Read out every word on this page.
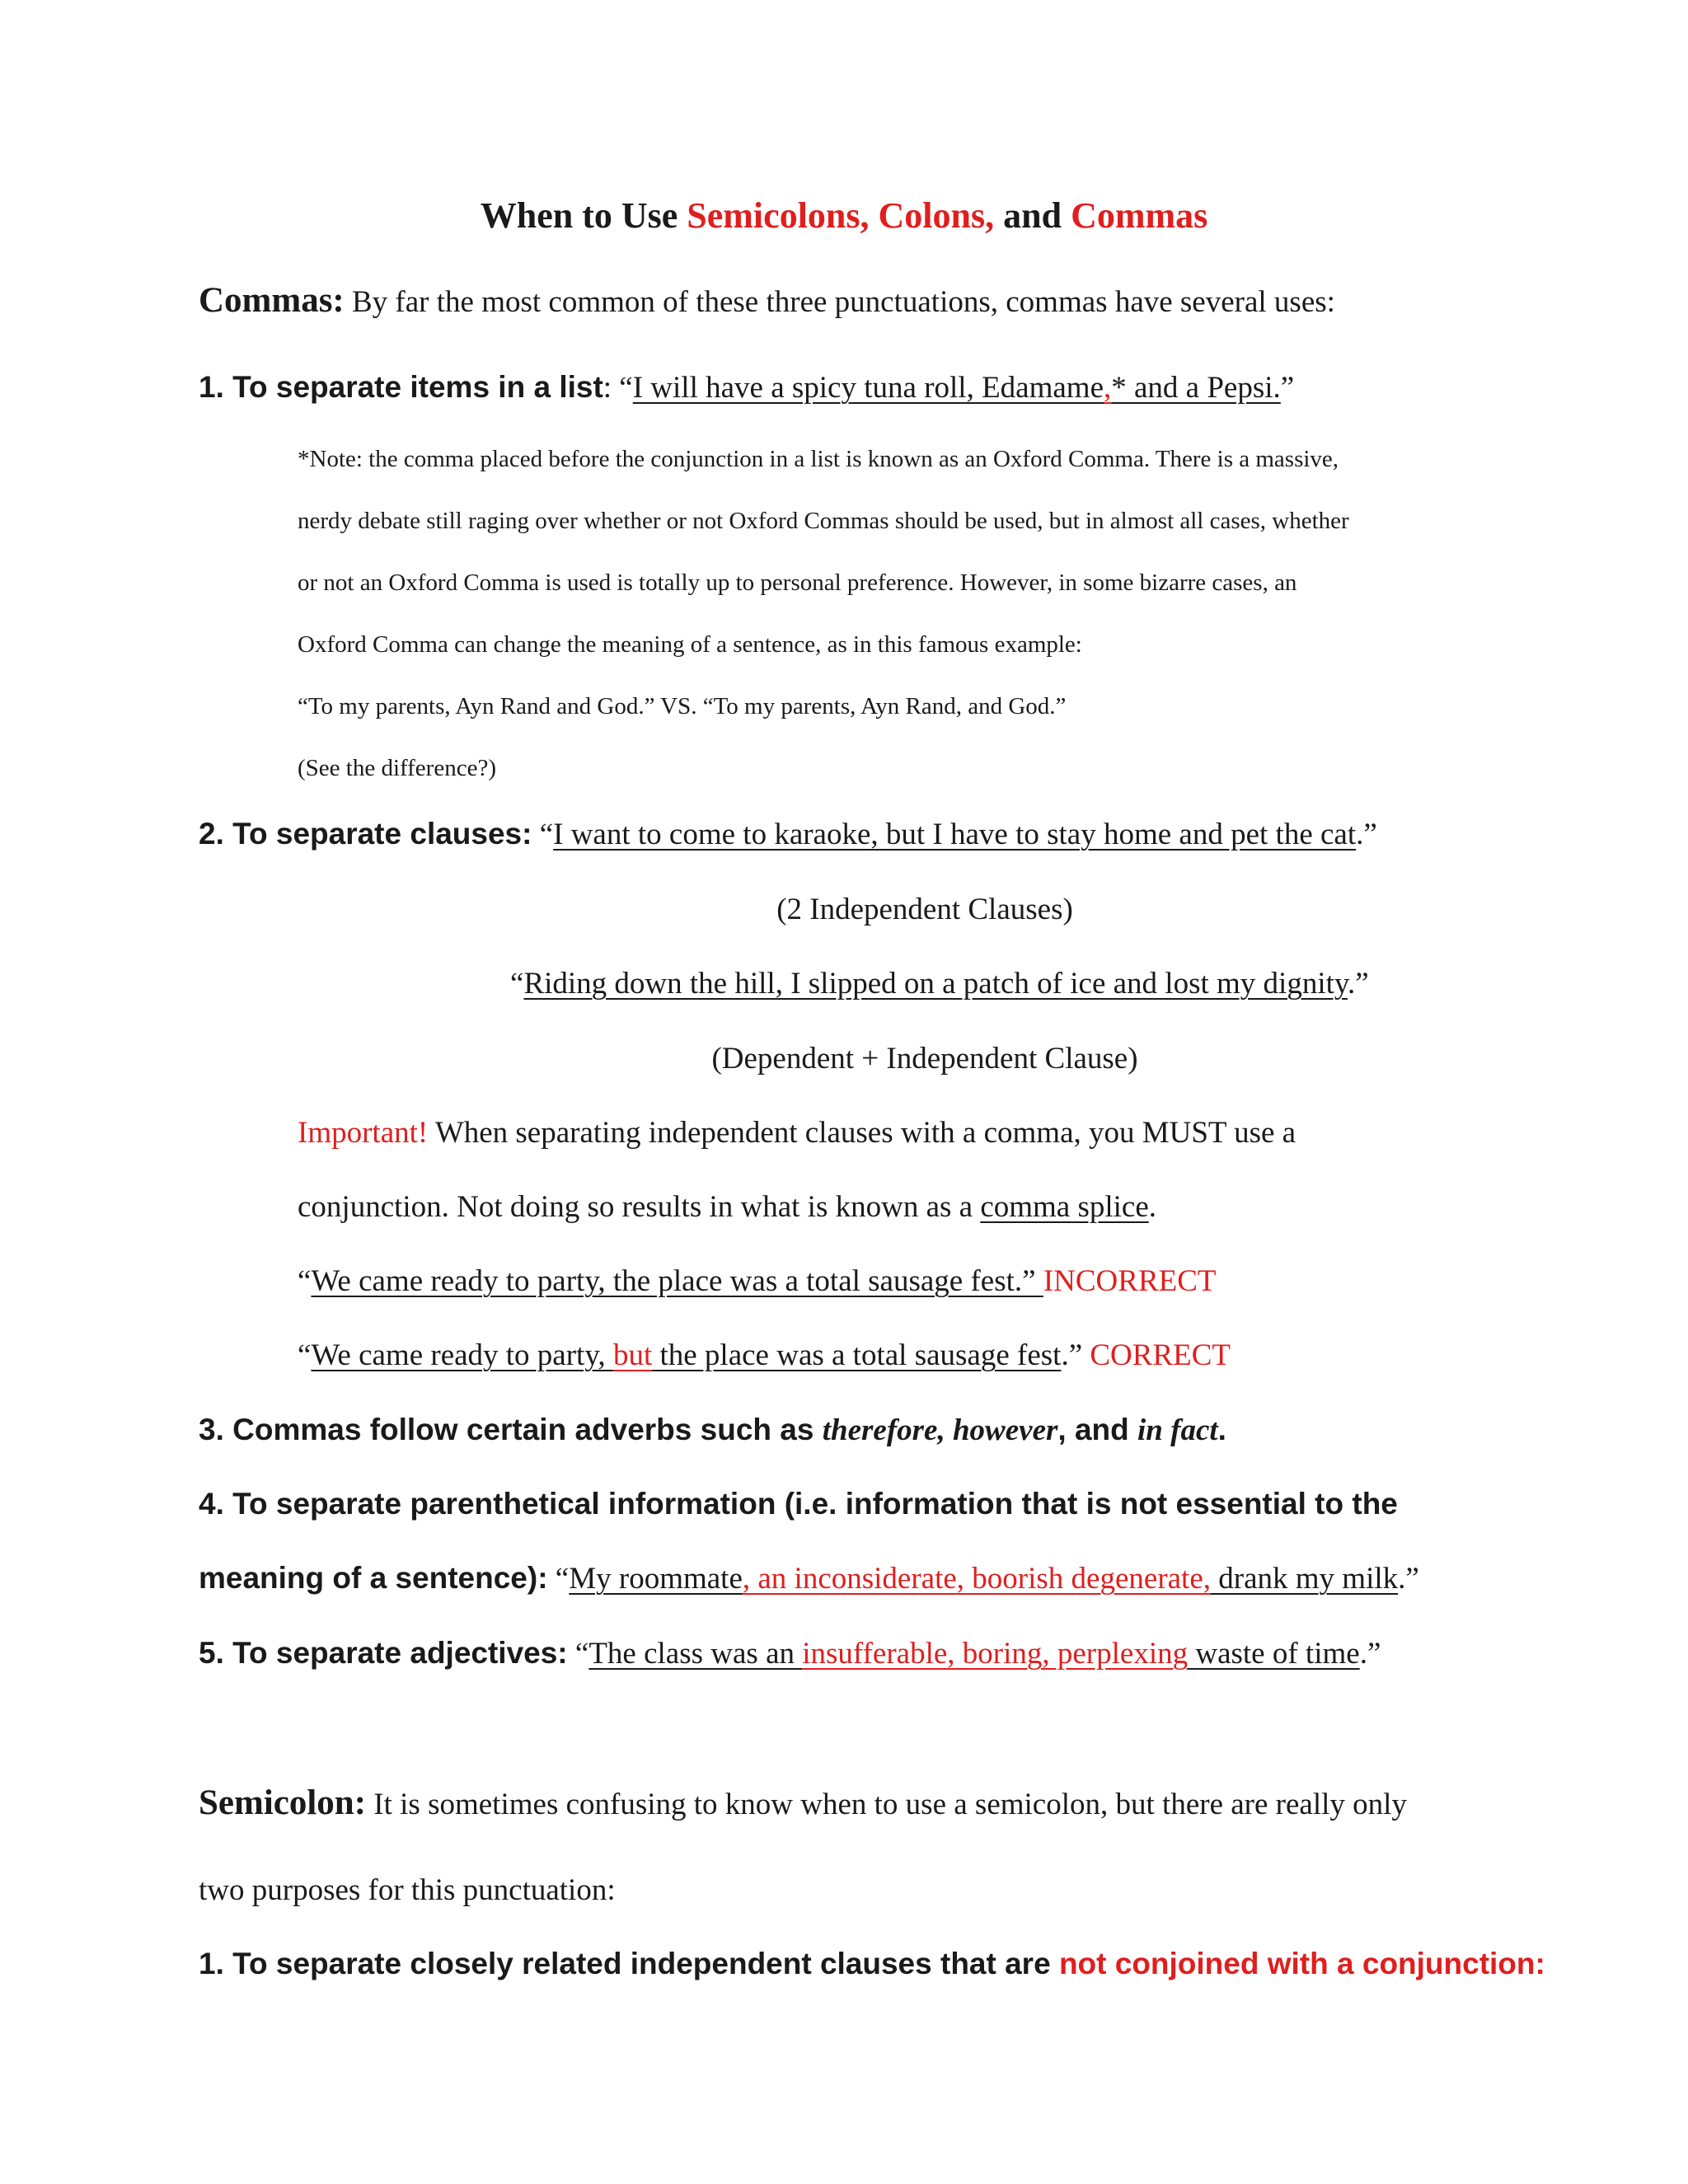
When to Use Semicolons, Colons, and Commas
Commas: By far the most common of these three punctuations, commas have several uses:
1. To separate items in a list: “I will have a spicy tuna roll, Edamame,* and a Pepsi.”
*Note: the comma placed before the conjunction in a list is known as an Oxford Comma. There is a massive,
nerdy debate still raging over whether or not Oxford Commas should be used, but in almost all cases, whether
or not an Oxford Comma is used is totally up to personal preference. However, in some bizarre cases, an
Oxford Comma can change the meaning of a sentence, as in this famous example:
“To my parents, Ayn Rand and God.” VS. “To my parents, Ayn Rand, and God.”
(See the difference?)
2. To separate clauses: “I want to come to karaoke, but I have to stay home and pet the cat.”
(2 Independent Clauses)
“Riding down the hill, I slipped on a patch of ice and lost my dignity.”
(Dependent + Independent Clause)
Important! When separating independent clauses with a comma, you MUST use a
conjunction. Not doing so results in what is known as a comma splice.
“We came ready to party, the place was a total sausage fest.” INCORRECT
“We came ready to party, but the place was a total sausage fest.” CORRECT
3. Commas follow certain adverbs such as therefore, however, and in fact.
4. To separate parenthetical information (i.e. information that is not essential to the
meaning of a sentence): “My roommate, an inconsiderate, boorish degenerate, drank my milk.”
5. To separate adjectives: “The class was an insufferable, boring, perplexing waste of time.”
Semicolon: It is sometimes confusing to know when to use a semicolon, but there are really only
two purposes for this punctuation:
1. To separate closely related independent clauses that are not conjoined with a conjunction:
